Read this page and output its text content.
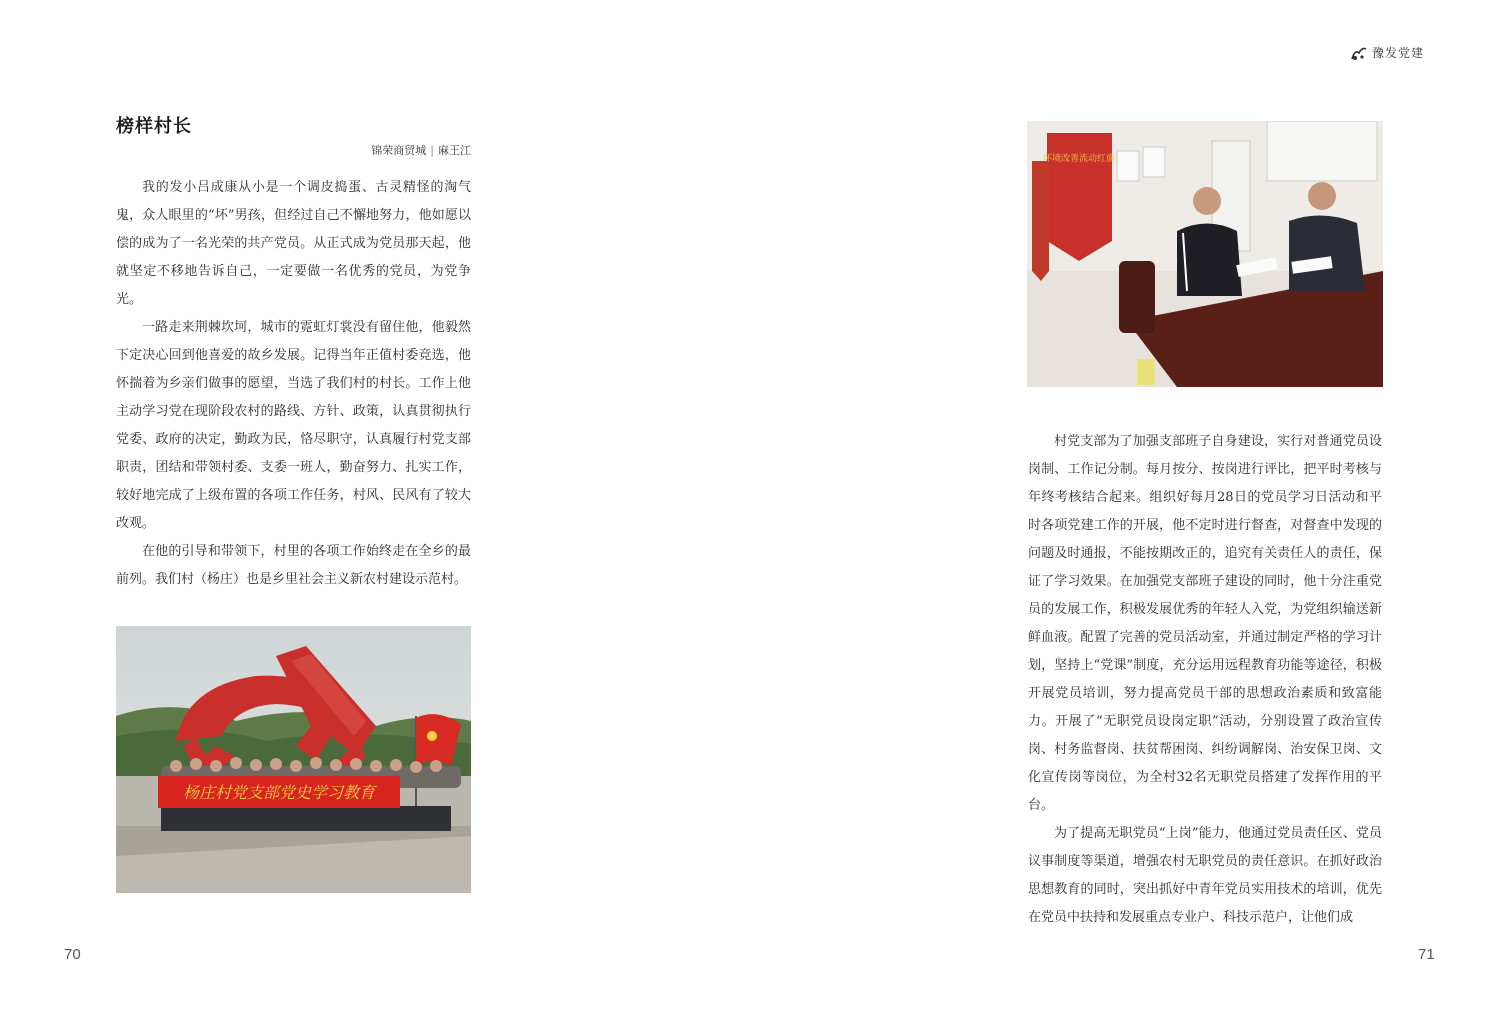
榜样村长
锦荣商贸城 | 麻王江

我的发小吕成康从小是一个调皮捣蛋、古灵精怪的淘气鬼，众人眼里的“坏”男孩，但经过自己不懈地努力，他如愿以偿的成为了一名光荣的共产党员。从正式成为党员那天起，他就坚定不移地告诉自己，一定要做一名优秀的党员，为党争光。

一路走来荆棘坎坷，城市的霓虹灯裳没有留住他，他毅然下定决心回到他喜爱的故乡发展。记得当年正值村委竞选，他怀揣着为乡亲们做事的愿望，当选了我们村的村长。工作上他主动学习党在现阶段农村的路线、方针、政策，认真贯彻执行党委、政府的决定，勤政为民，恪尽职守，认真履行村党支部职责，团结和带领村委、支委一班人，勤奋努力、扎实工作，较好地完成了上级布置的各项工作任务，村风、民风有了较大改观。

在他的引导和带领下，村里的各项工作始终走在全乡的最前列。我们村（杨庄）也是乡里社会主义新农村建设示范村。

杨庄村党支部党史学习教育
70
豫发党建
环境改善流动红旗

村党支部为了加强支部班子自身建设，实行对普通党员设岗制、工作记分制。每月按分、按岗进行评比，把平时考核与年终考核结合起来。组织好每月28日的党员学习日活动和平时各项党建工作的开展，他不定时进行督查，对督查中发现的问题及时通报，不能按期改正的，追究有关责任人的责任，保证了学习效果。在加强党支部班子建设的同时，他十分注重党员的发展工作，积极发展优秀的年轻人入党，为党组织输送新鲜血液。配置了完善的党员活动室，并通过制定严格的学习计划，坚持上“党课”制度，充分运用远程教育功能等途径，积极开展党员培训，努力提高党员干部的思想政治素质和致富能力。开展了“无职党员设岗定职”活动，分别设置了政治宣传岗、村务监督岗、扶贫帮困岗、纠纷调解岗、治安保卫岗、文化宣传岗等岗位，为全村32名无职党员搭建了发挥作用的平台。

为了提高无职党员“上岗”能力，他通过党员责任区、党员议事制度等渠道，增强农村无职党员的责任意识。在抓好政治思想教育的同时，突出抓好中青年党员实用技术的培训，优先在党员中扶持和发展重点专业户、科技示范户，让他们成

71
